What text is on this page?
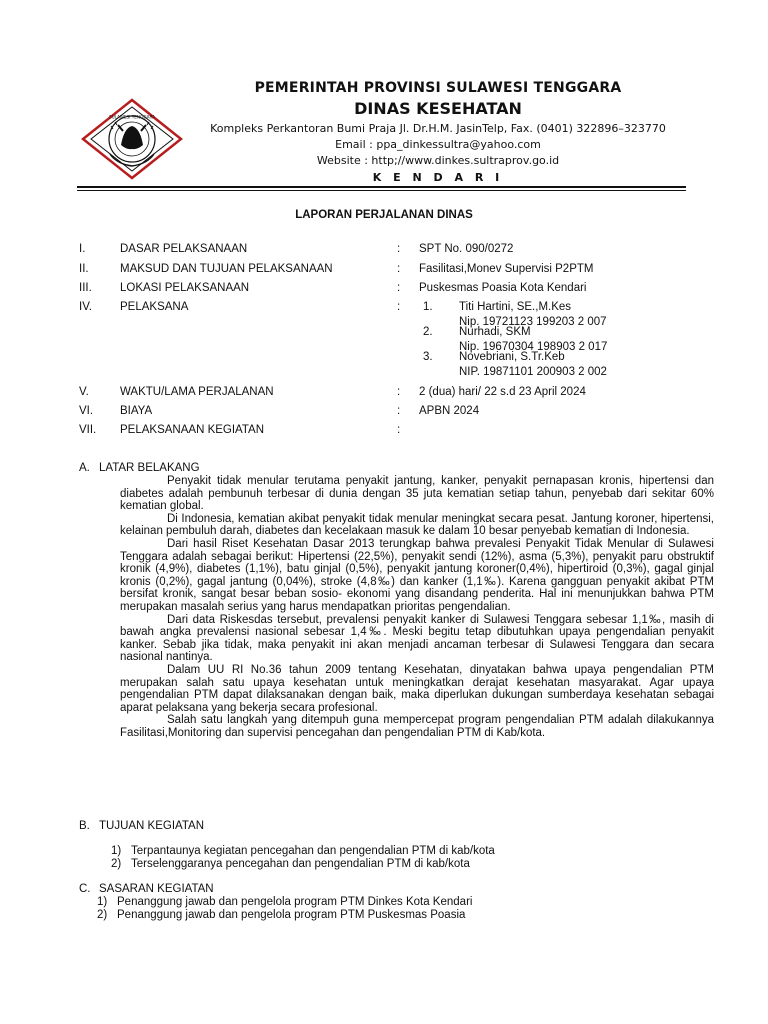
SULAWESI TENGGARA
PEMERINTAH PROVINSI SULAWESI TENGGARA
DINAS KESEHATAN
Kompleks Perkantoran Bumi Praja Jl. Dr.H.M. JasinTelp, Fax. (0401) 322896–323770
Email : ppa_dinkessultra@yahoo.com
Website : http;//www.dinkes.sultraprov.go.id
K E N D A R I
LAPORAN PERJALANAN DINAS
I.	DASAR PELAKSANAAN	: SPT No. 090/0272
II.	MAKSUD DAN TUJUAN PELAKSANAAN	: Fasilitasi,Monev Supervisi P2PTM
III. LOKASI PELAKSANAAN	: Puskesmas Poasia Kota Kendari
IV. PELAKSANA	: 1. Titi Hartini, SE.,M.Kes
Nip. 19721123 199203 2 007
2. Nurhadi, SKM
Nip. 19670304 198903 2 017
3. Novebriani, S.Tr.Keb
NIP. 19871101 200903 2 002
V.	WAKTU/LAMA PERJALANAN	: 2 (dua) hari/ 22 s.d 23 April 2024
VI. BIAYA	: APBN 2024
VII. PELAKSANAAN KEGIATAN	:
A. LATAR BELAKANG

Penyakit tidak menular terutama penyakit jantung, kanker, penyakit pernapasan kronis, hipertensi dan diabetes adalah pembunuh terbesar di dunia dengan 35 juta kematian setiap tahun, penyebab dari sekitar 60% kematian global.

Di Indonesia, kematian akibat penyakit tidak menular meningkat secara pesat. Jantung koroner, hipertensi, kelainan pembuluh darah, diabetes dan kecelakaan masuk ke dalam 10 besar penyebab kematian di Indonesia.

Dari hasil Riset Kesehatan Dasar 2013 terungkap bahwa prevalesi Penyakit Tidak Menular di Sulawesi Tenggara adalah sebagai berikut: Hipertensi (22,5%), penyakit sendi (12%), asma (5,3%), penyakit paru obstruktif kronik (4,9%), diabetes (1,1%), batu ginjal (0,5%), penyakit jantung koroner(0,4%), hipertiroid (0,3%), gagal ginjal kronis (0,2%), gagal jantung (0,04%), stroke (4,8‰) dan kanker (1,1‰). Karena gangguan penyakit akibat PTM bersifat kronik, sangat besar beban sosio- ekonomi yang disandang penderita. Hal ini menunjukkan bahwa PTM merupakan masalah serius yang harus mendapatkan prioritas pengendalian.

Dari data Riskesdas tersebut, prevalensi penyakit kanker di Sulawesi Tenggara sebesar 1,1‰, masih di bawah angka prevalensi nasional sebesar 1,4‰. Meski begitu tetap dibutuhkan upaya pengendalian penyakit kanker. Sebab jika tidak, maka penyakit ini akan menjadi ancaman terbesar di Sulawesi Tenggara dan secara nasional nantinya.

Dalam UU RI No.36 tahun 2009 tentang Kesehatan, dinyatakan bahwa upaya pengendalian PTM merupakan salah satu upaya kesehatan untuk meningkatkan derajat kesehatan masyarakat. Agar upaya pengendalian PTM dapat dilaksanakan dengan baik, maka diperlukan dukungan sumberdaya kesehatan sebagai aparat pelaksana yang bekerja secara profesional.

Salah satu langkah yang ditempuh guna mempercepat program pengendalian PTM adalah dilakukannya Fasilitasi,Monitoring dan supervisi pencegahan dan pengendalian PTM di Kab/kota.

B. TUJUAN KEGIATAN
1) Terpantaunya kegiatan pencegahan dan pengendalian PTM di kab/kota
2) Terselenggaranya pencegahan dan pengendalian PTM di kab/kota
C. SASARAN KEGIATAN
1) Penanggung jawab dan pengelola program PTM Dinkes Kota Kendari
2) Penanggung jawab dan pengelola program PTM Puskesmas Poasia
